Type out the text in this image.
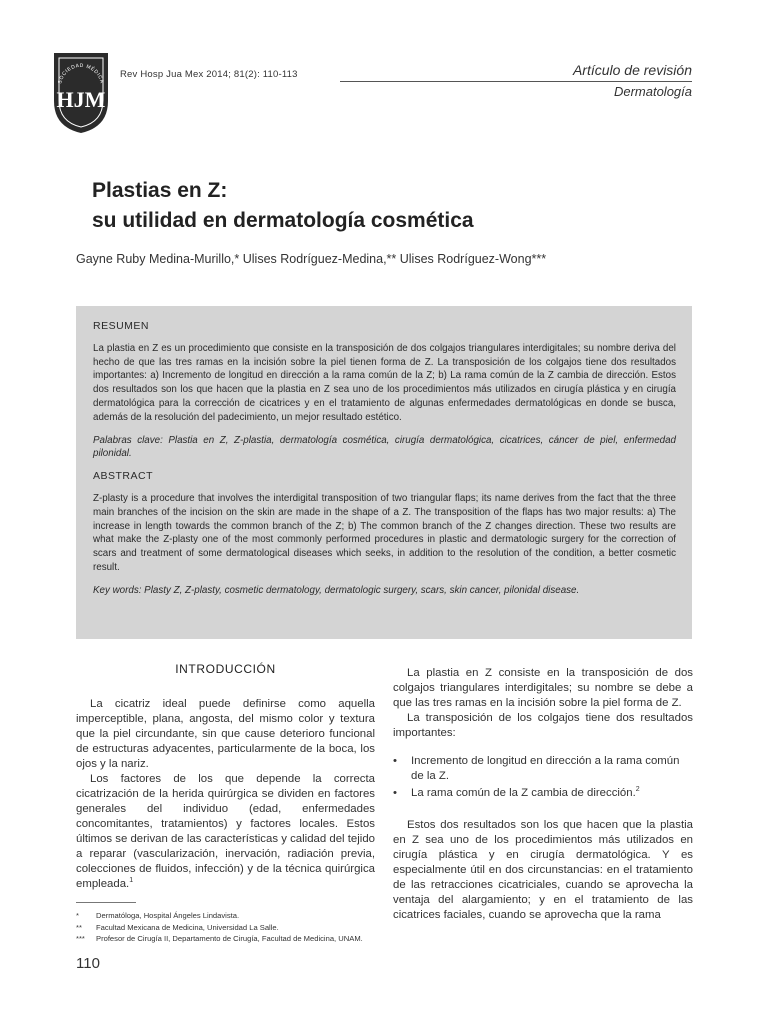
SOCIEDAD MÉDICA
HJM
Rev Hosp Jua Mex 2014; 81(2): 110-113	Artículo de revisión
Dermatología
Plastias en Z:
su utilidad en dermatología cosmética
Gayne Ruby Medina-Murillo,* Ulises Rodríguez-Medina,** Ulises Rodríguez-Wong***
RESUMEN

La plastia en Z es un procedimiento que consiste en la transposición de dos colgajos triangulares interdigitales; su nombre deriva del hecho de que las tres ramas en la incisión sobre la piel tienen forma de Z. La transposición de los colgajos tiene dos resultados importantes: a) Incremento de longitud en dirección a la rama común de la Z; b) La rama común de la Z cambia de dirección. Estos dos resultados son los que hacen que la plastia en Z sea uno de los procedimientos más utilizados en cirugía plástica y en cirugía dermatológica para la corrección de cicatrices y en el tratamiento de algunas enfermedades dermatológicas en donde se busca, además de la resolución del padecimiento, un mejor resultado estético.

Palabras clave: Plastia en Z, Z-plastia, dermatología cosmética, cirugía dermatológica, cicatrices, cáncer de piel, enfermedad pilonidal.

ABSTRACT

Z-plasty is a procedure that involves the interdigital transposition of two triangular flaps; its name derives from the fact that the three main branches of the incision on the skin are made in the shape of a Z. The transposition of the flaps has two major results: a) The increase in length towards the common branch of the Z; b) The common branch of the Z changes direction. These two results are what make the Z-plasty one of the most commonly performed procedures in plastic and dermatologic surgery for the correction of scars and treatment of some dermatological diseases which seeks, in addition to the resolution of the condition, a better cosmetic result.

Key words: Plasty Z, Z-plasty, cosmetic dermatology, dermatologic surgery, scars, skin cancer, pilonidal disease.

INTRODUCCIÓN

La cicatriz ideal puede definirse como aquella imperceptible, plana, angosta, del mismo color y textura que la piel circundante, sin que cause deterioro funcional de estructuras adyacentes, particularmente de la boca, los ojos y la nariz.

Los factores de los que depende la correcta cicatrización de la herida quirúrgica se dividen en factores generales del individuo (edad, enfermedades concomitantes, tratamientos) y factores locales. Estos últimos se derivan de las características y calidad del tejido a reparar (vascularización, inervación, radiación previa, colecciones de fluidos, infección) y de la técnica quirúrgica empleada.$^1$

La plastia en Z consiste en la transposición de dos colgajos triangulares interdigitales; su nombre se debe a que las tres ramas en la incisión sobre la piel forma de Z.

La transposición de los colgajos tiene dos resultados importantes:

• Incremento de longitud en dirección a la rama común de la Z.
• La rama común de la Z cambia de dirección.$^2$

Estos dos resultados son los que hacen que la plastia en Z sea uno de los procedimientos más utilizados en cirugía plástica y en cirugía dermatológica. Y es especialmente útil en dos circunstancias: en el tratamiento de las retracciones cicatriciales, cuando se aprovecha la ventaja del alargamiento; y en el tratamiento de las cicatrices faciales, cuando se aprovecha que la rama

* Dermatóloga, Hospital Ángeles Lindavista.
** Facultad Mexicana de Medicina, Universidad La Salle.
*** Profesor de Cirugía II, Departamento de Cirugía, Facultad de Medicina, UNAM.
110
